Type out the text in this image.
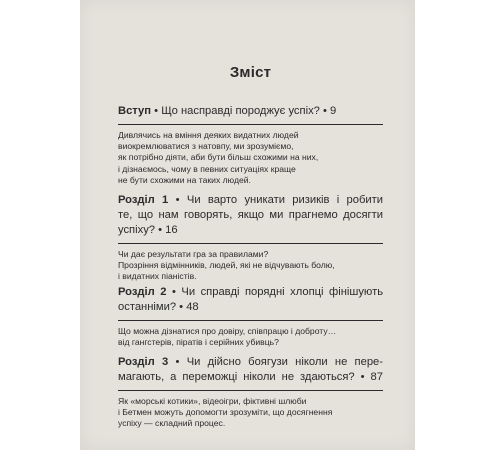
Зміст
Вступ • Що насправді породжує успіх? • 9
Дивлячись на вміння деяких видатних людей
виокремлюватися з натовпу, ми зрозуміємо,
як потрібно діяти, аби бути більш схожими на них,
і дізнаємось, чому в певних ситуаціях краще
не бути схожими на таких людей.
Розділ 1 • Чи варто уникати ризиків і робити
те, що нам говорять, якщо ми прагнемо досягти
успіху? • 16
Чи дає результати гра за правилами?
Прозріння відмінників, людей, які не відчувають болю,
і видатних піаністів.
Розділ 2 • Чи справді порядні хлопці фінішують
останніми? • 48
Що можна дізнатися про довіру, співпрацю і доброту…
від гангстерів, піратів і серійних убивць?
Розділ 3 • Чи дійсно боягузи ніколи не пере-
магають, а переможці ніколи не здаються? • 87
Як «морські котики», відеоігри, фіктивні шлюби
і Бетмен можуть допомогти зрозуміти, що досягнення
успіху — складний процес.
